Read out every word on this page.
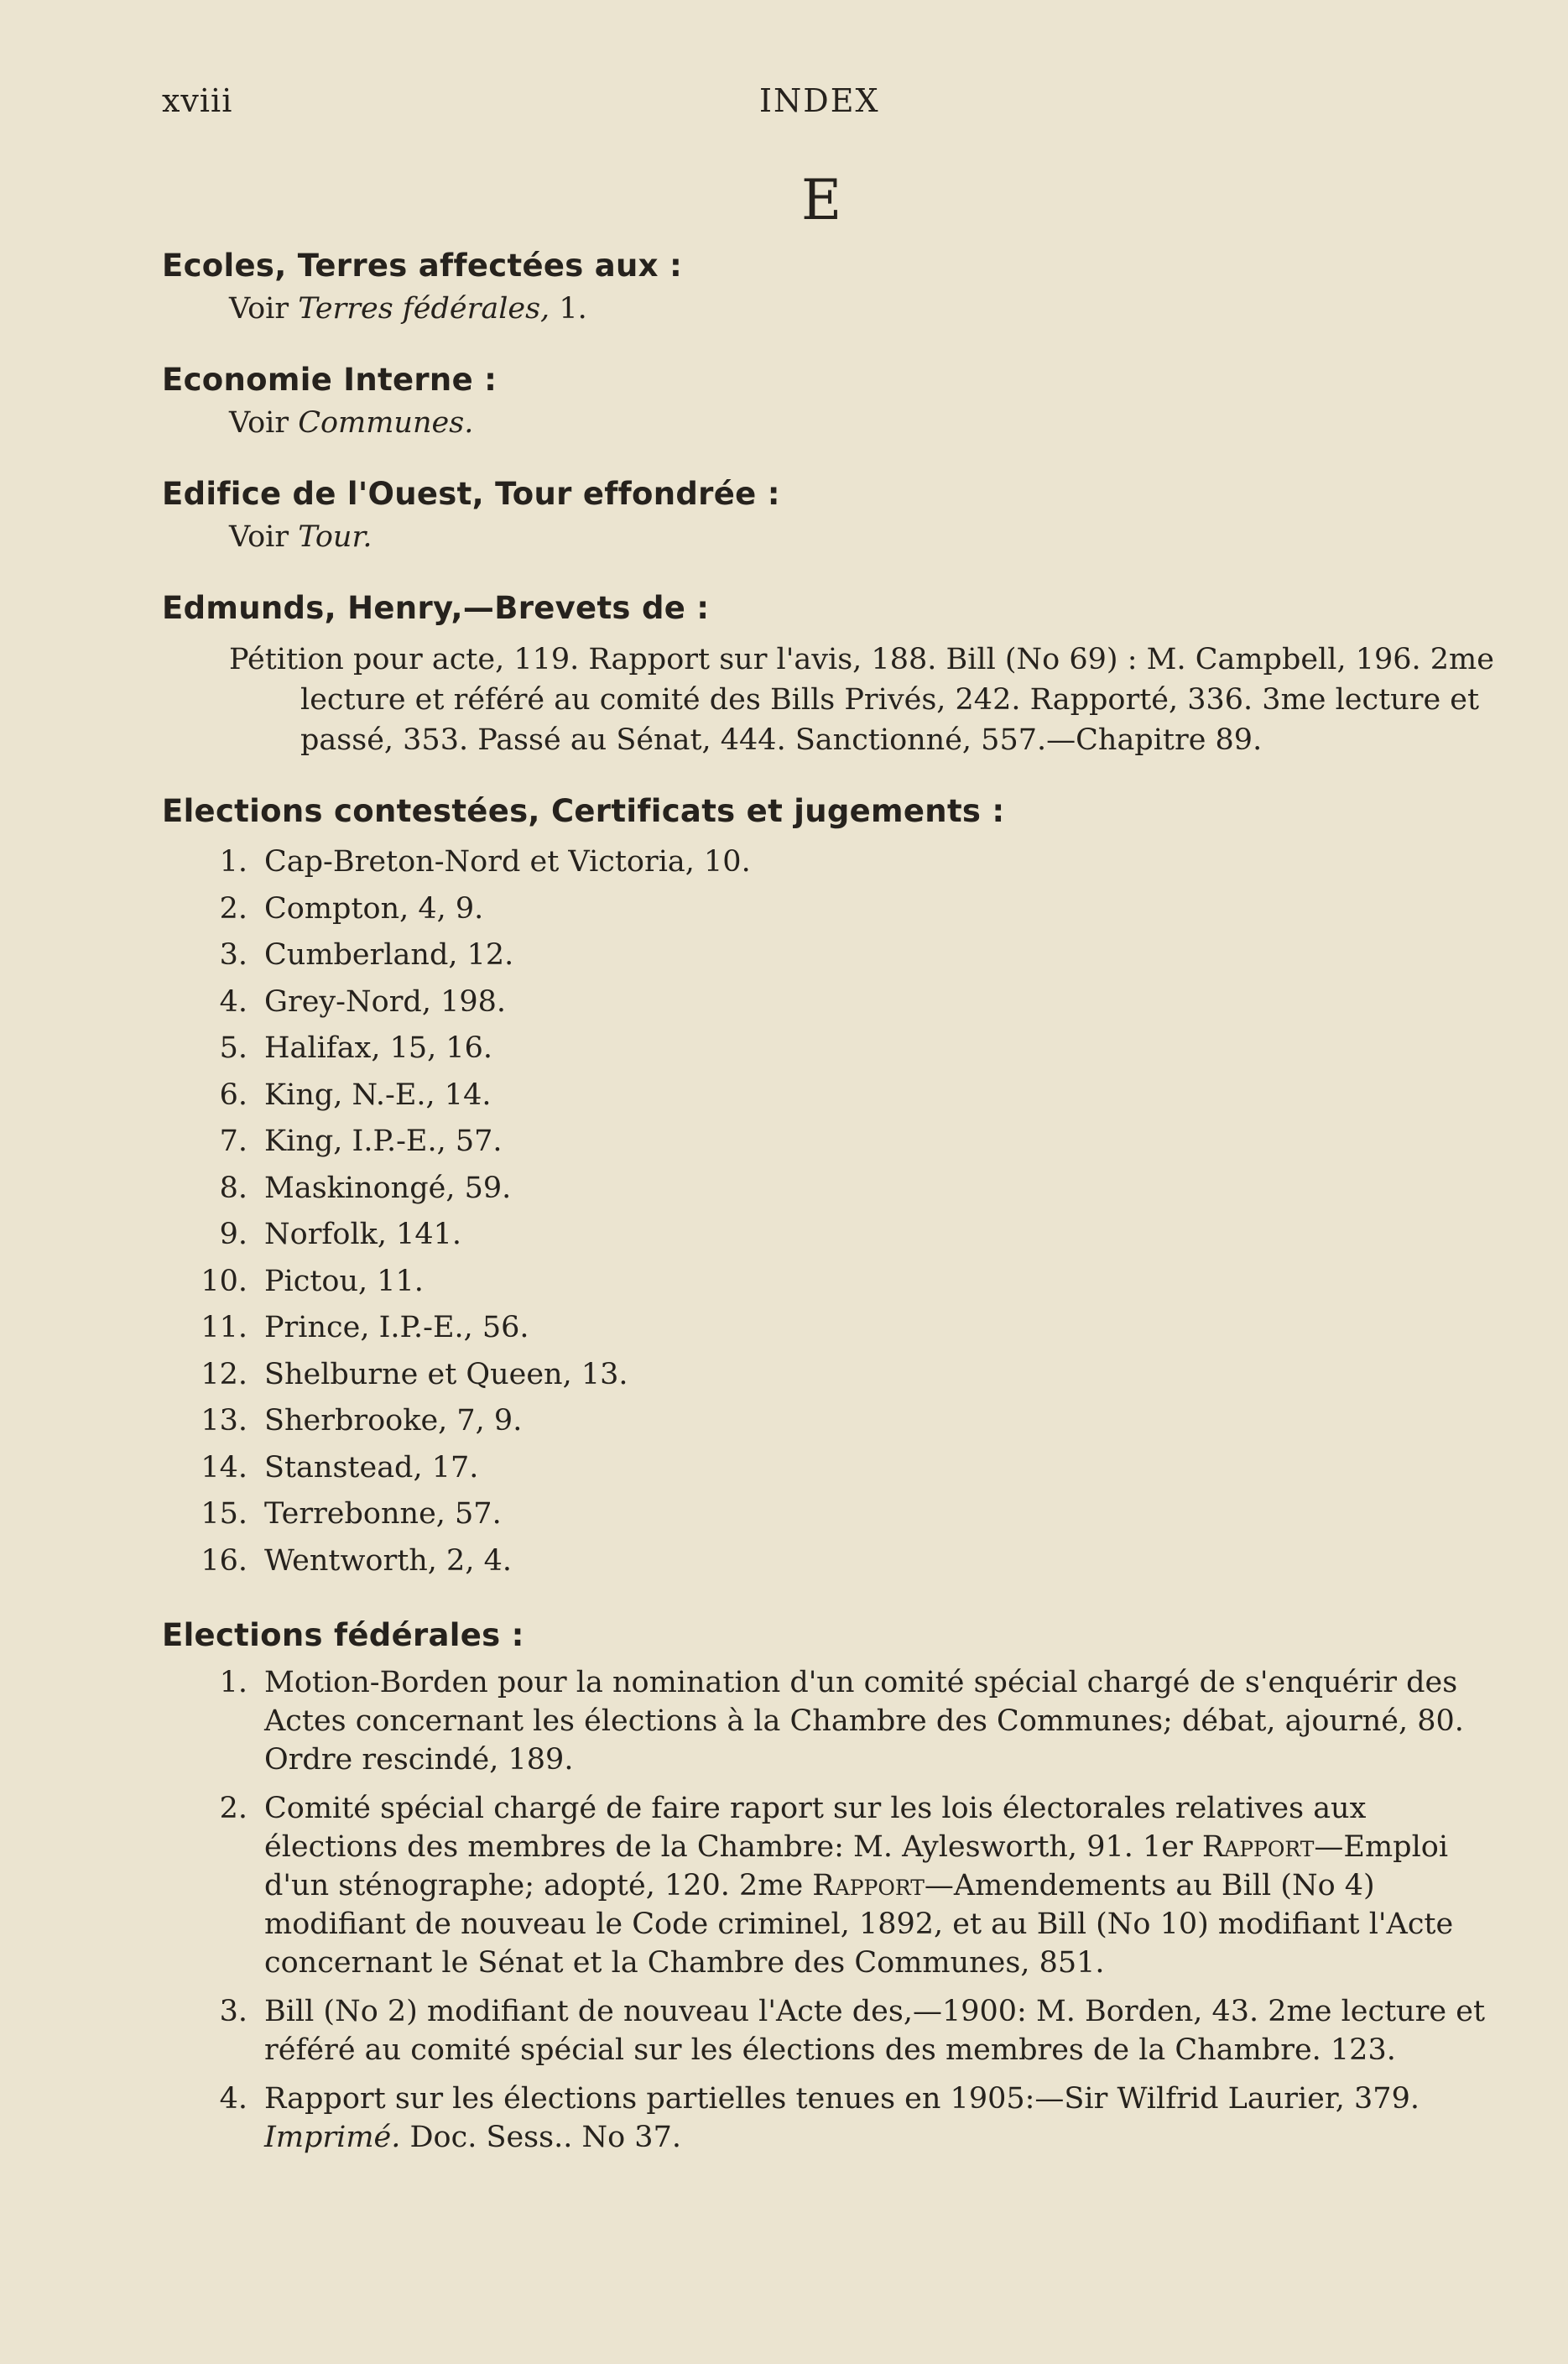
xviii	INDEX
E
Ecoles, Terres affectées aux :
Voir Terres fédérales, 1.
Economie Interne :
Voir Communes.
Edifice de l'Ouest, Tour effondrée :
Voir Tour.
Edmunds, Henry,—Brevets de :
Pétition pour acte, 119. Rapport sur l'avis, 188. Bill (No 69) : M. Campbell, 196. 2me lecture et référé au comité des Bills Privés, 242. Rapporté, 336. 3me lecture et passé, 353. Passé au Sénat, 444. Sanctionné, 557.—Chapitre 89.
Elections contestées, Certificats et jugements :
1. Cap-Breton-Nord et Victoria, 10.
2. Compton, 4, 9.
3. Cumberland, 12.
4. Grey-Nord, 198.
5. Halifax, 15, 16.
6. King, N.-E., 14.
7. King, I.P.-E., 57.
8. Maskinongé, 59.
9. Norfolk, 141.
10. Pictou, 11.
11. Prince, I.P.-E., 56.
12. Shelburne et Queen, 13.
13. Sherbrooke, 7, 9.
14. Stanstead, 17.
15. Terrebonne, 57.
16. Wentworth, 2, 4.
Elections fédérales :
1. Motion-Borden pour la nomination d'un comité spécial chargé de s'enquérir des Actes concernant les élections à la Chambre des Communes; débat, ajourné, 80. Ordre rescindé, 189.
2. Comité spécial chargé de faire raport sur les lois électorales relatives aux élections des membres de la Chambre: M. Aylesworth, 91. 1er Rapport—Emploi d'un sténographe; adopté, 120. 2me Rapport—Amendements au Bill (No 4) modifiant de nouveau le Code criminel, 1892, et au Bill (No 10) modifiant l'Acte concernant le Sénat et la Chambre des Communes, 851.
3. Bill (No 2) modifiant de nouveau l'Acte des,—1900: M. Borden, 43. 2me lecture et référé au comité spécial sur les élections des membres de la Chambre. 123.
4. Rapport sur les élections partielles tenues en 1905:—Sir Wilfrid Laurier, 379. Imprimé. Doc. Sess.. No 37.
